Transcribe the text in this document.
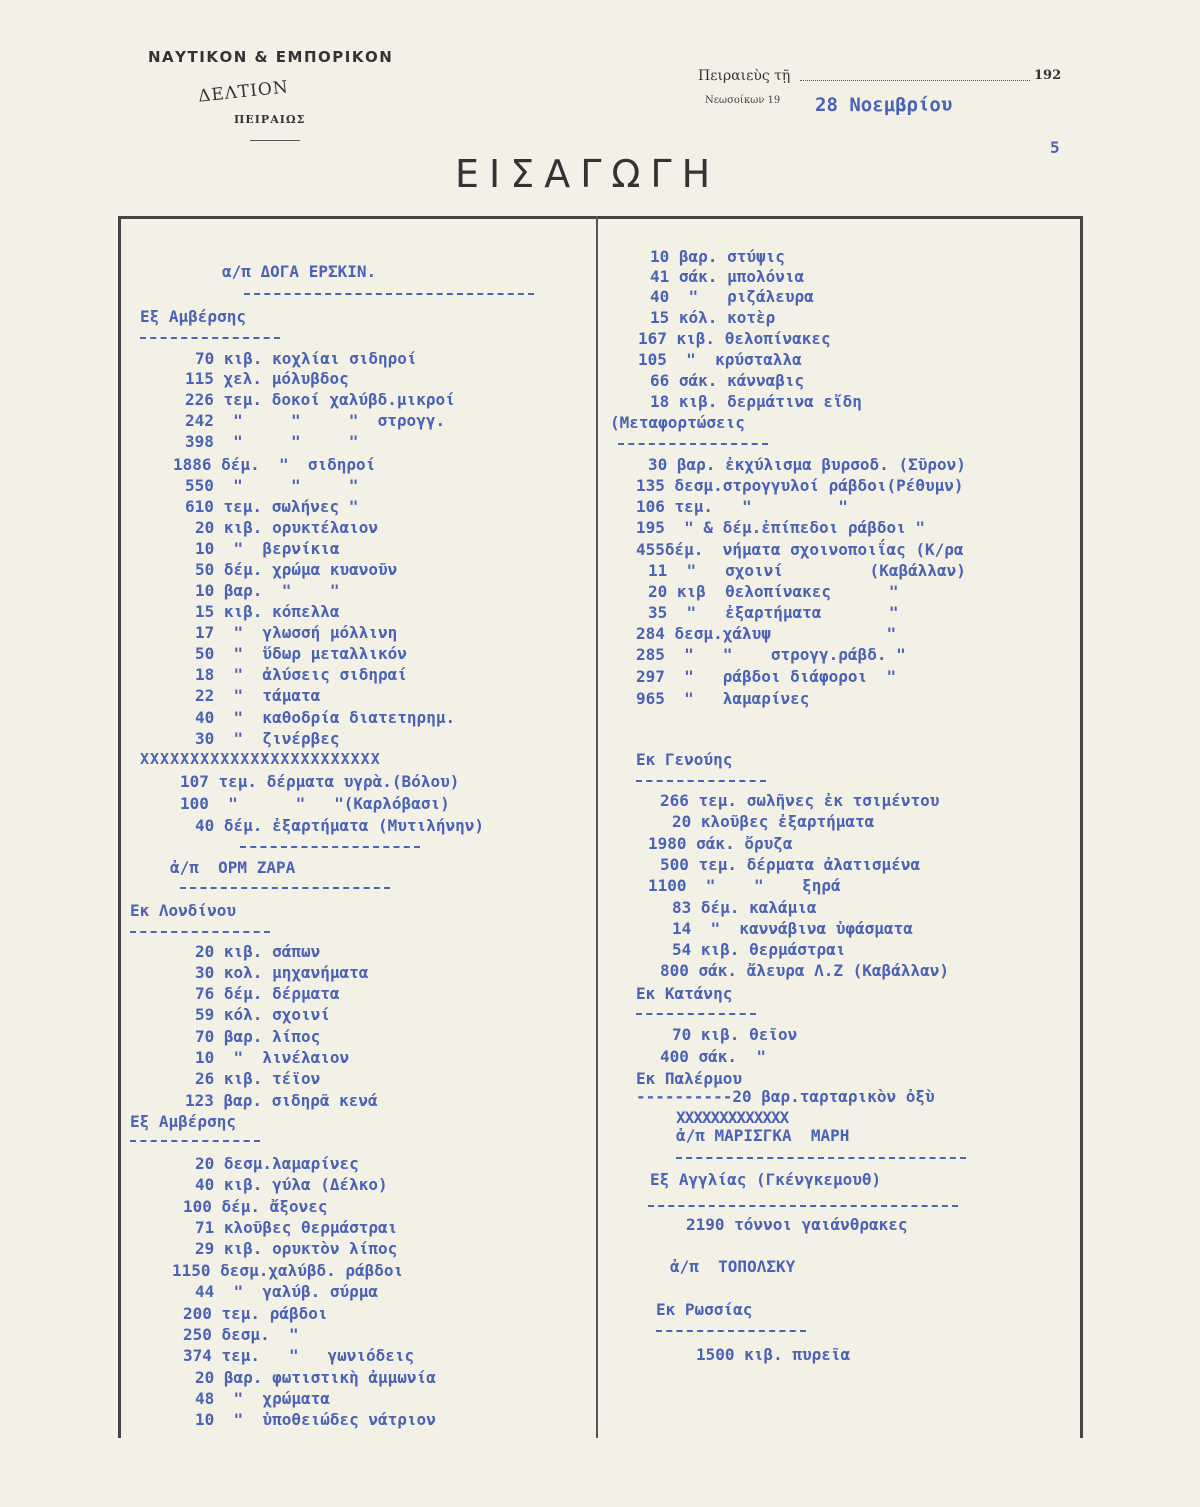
ΝΑΥΤΙΚΟΝ & ΕΜΠΟΡΙΚΟΝ
ΔΕΛΤΙΟΝ
ΠΕΙΡΑΙΩΣ
Πειραιεὺς τῇ	192
Νεωσοίκων 19 28 Νοεμβρίου
5
ΕΙΣΑΓΩΓΗ
α/π ΔΟΓΑ ΕΡΣΚΙΝ.
Εξ Αμβέρσης
70 κιβ. κοχλίαι σιδηροί
115 χελ. μόλυβδος
226 τεμ. δοκοί χαλύβδ.μικροί
242  "     "     "  στρογγ.
398  "     "     "
1886 δέμ.  "  σιδηροί
550  "     "     "
610 τεμ. σωλήνες "
20 κιβ. ορυκτέλαιον
10  "  βερνίκια
50 δέμ. χρώμα κυανοῦν
10 βαρ.  "    "
15 κιβ. κόπελλα
17  "  γλωσσή μόλλινη
50  "  ὕδωρ μεταλλικόν
18  "  ἀλύσεις σιδηραί
22  "  τάματα
40  "  καθοδρία διατετηρημ.
30  "  ζινέρβες
XXXXXXXXXXXXXXXXXXXXXXXX
107 τεμ. δέρματα υγρὰ.(Βόλου)
100  "      "   "(Καρλόβασι)
40 δέμ. ἐξαρτήματα (Μυτιλήνην)
ἀ/π  ΟΡΜ ΖΑΡΑ
Εκ Λονδίνου
20 κιβ. σάπων
30 κολ. μηχανήματα
76 δέμ. δέρματα
59 κόλ. σχοινί
70 βαρ. λίπος
10  "  λινέλαιον
26 κιβ. τέϊον
123 βαρ. σιδηρᾶ κενά
Εξ Αμβέρσης
20 δεσμ.λαμαρίνες
40 κιβ. γύλα (Δέλκο)
100 δέμ. ἄξονες
71 κλοῦβες θερμάστραι
29 κιβ. ορυκτὸν λίπος
1150 δεσμ.χαλύβδ. ράβδοι
44  "  γαλύβ. σύρμα
200 τεμ. ράβδοι
250 δεσμ.  "
374 τεμ.   "   γωνιόδεις
20 βαρ. φωτιστικὴ ἀμμωνία
48  "  χρώματα
10  "  ὑποθειώδες νάτριον
10 βαρ. στύψις
41 σάκ. μπολόνια
40  "   ριζάλευρα
15 κόλ. κοτὲρ
167 κιβ. θελοπίνακες
105  "  κρύσταλλα
66 σάκ. κάνναβις
18 κιβ. δερμάτινα εἴδη
(Μεταφορτώσεις
30 βαρ. ἐκχύλισμα βυρσοδ. (Σῦρον)
135 δεσμ.στρογγυλοί ράβδοι(Ρέθυμν)
106 τεμ.   "         "
195  " & δέμ.ἐπίπεδοι ράβδοι "
455δέμ.  νήματα σχοινοποιΐας (Κ/ρα
11  "   σχοινί         (Καβάλλαν)
20 κιβ  θελοπίνακες      "
35  "   ἐξαρτήματα       "
284 δεσμ.χάλυψ            "
285  "   "    στρογγ.ράβδ. "
297  "   ράβδοι διάφοροι  "
965  "   λαμαρίνες
Εκ Γενούης
266 τεμ. σωλῆνες ἐκ τσιμέντου
20 κλοῦβες ἐξαρτήματα
1980 σάκ. ὄρυζα
500 τεμ. δέρματα ἀλατισμένα
1100  "    "    ξηρά
83 δέμ. καλάμια
14  "  καννάβινα ὑφάσματα
54 κιβ. θερμάστραι
800 σάκ. ἄλευρα Λ.Ζ (Καβάλλαν)
Εκ Κατάνης
70 κιβ. θεῖον
400 σάκ.  "
Εκ Παλέρμου
----------20 βαρ.ταρταρικὸν ὀξὺ
XXXXXXXXXXXXX
ἀ/π ΜΑΡΙΣΓΚΑ  ΜΑΡΗ
Εξ Αγγλίας (Γκένγκεμουθ)
2190 τόννοι γαιάνθρακες
ἀ/π  ΤΟΠΟΛΣΚΥ
Εκ Ρωσσίας
1500 κιβ. πυρεῖα
